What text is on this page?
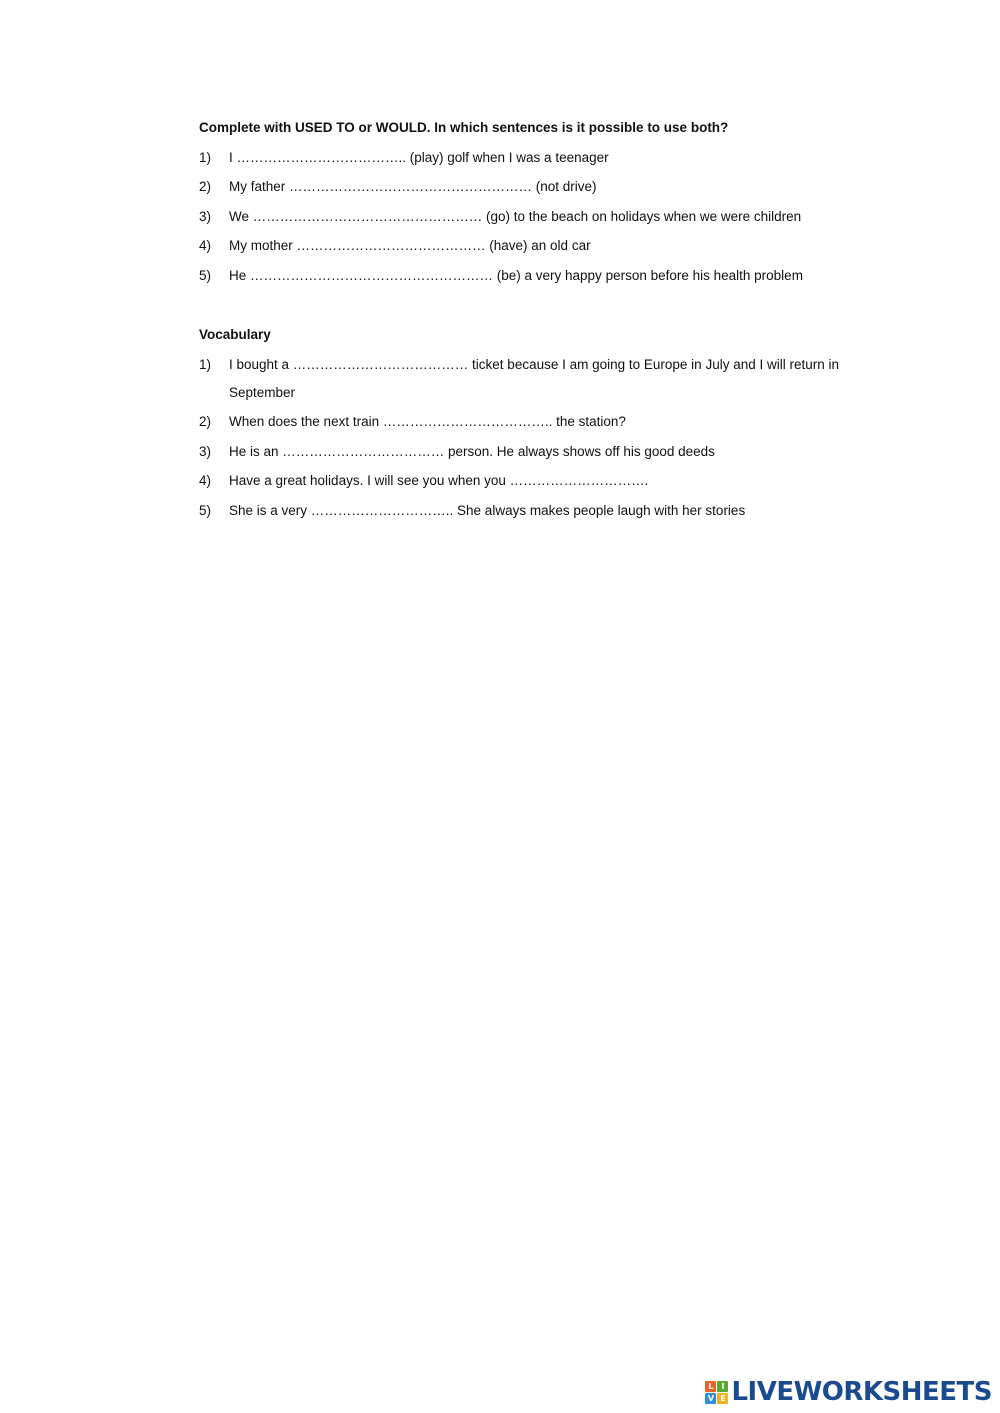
Complete with USED TO or WOULD. In which sentences is it possible to use both?

1)	I ……………………………….. (play) golf when I was a teenager
2)	My father ……………………………………………… (not drive)
3)	We …………………………………………… (go) to the beach on holidays when we were children
4)	My mother …………………………………… (have) an old car
5)	He ……………………………………………… (be) a very happy person before his health problem

Vocabulary

1)	I bought a ………………………………… ticket because I am going to Europe in July and I will return in September
2)	When does the next train ……………………………….. the station?
3)	He is an ……………………………… person. He always shows off his good deeds
4)	Have a great holidays. I will see you when you ………………………….
5)	She is a very ………………………….. She always makes people laugh with her stories
L I
V E LIVEWORKSHEETS
